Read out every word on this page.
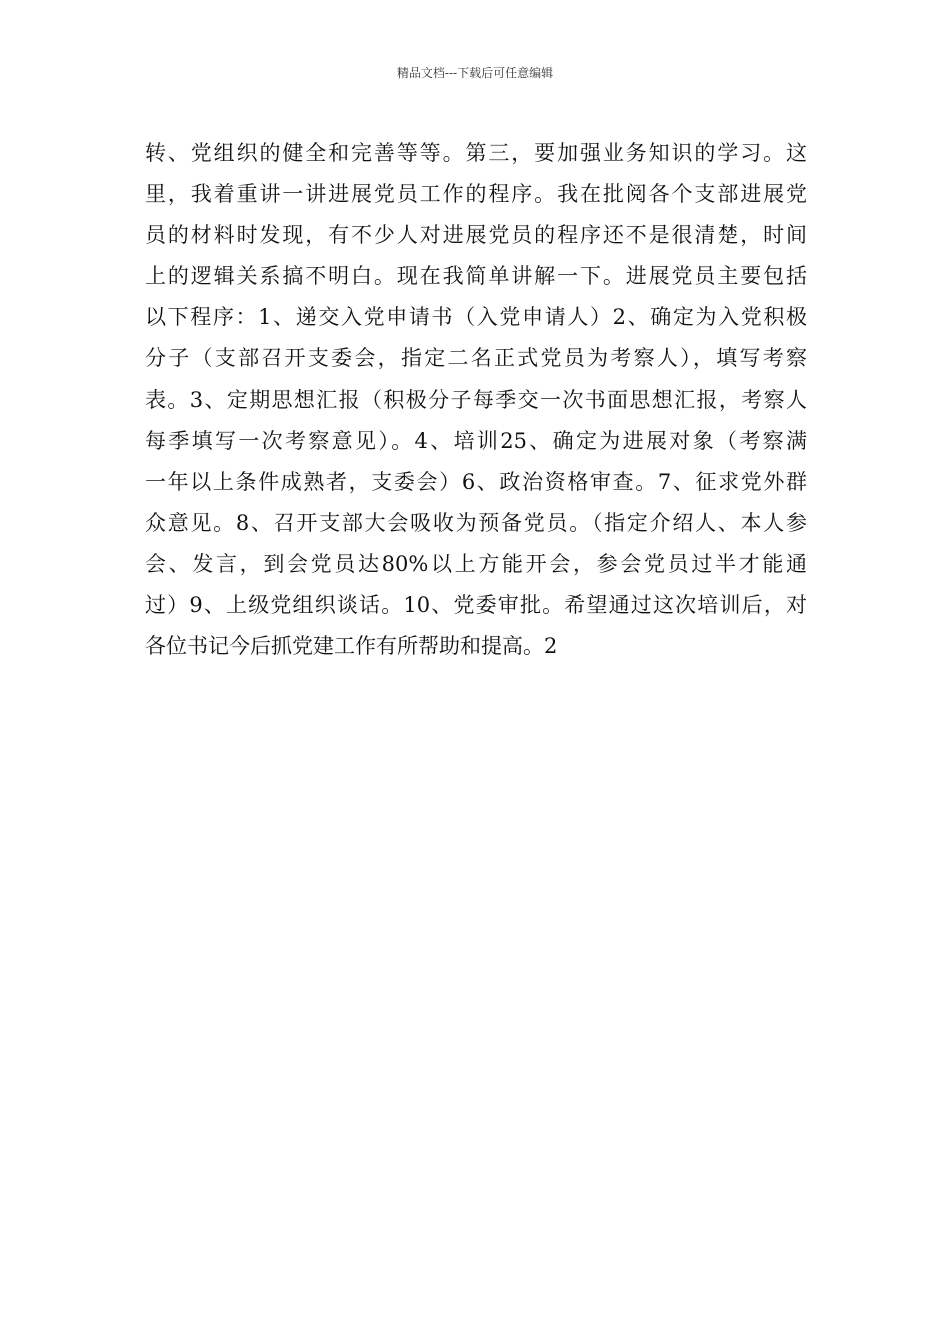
精品文档---下载后可任意编辑
转、党组织的健全和完善等等。第三，要加强业务知识的学习。这
里，我着重讲一讲进展党员工作的程序。我在批阅各个支部进展党
员的材料时发现，有不少人对进展党员的程序还不是很清楚，时间
上的逻辑关系搞不明白。现在我简单讲解一下。进展党员主要包括
以下程序：1、递交入党申请书（入党申请人）2、确定为入党积极
分子（支部召开支委会，指定二名正式党员为考察人），填写考察
表。3、定期思想汇报（积极分子每季交一次书面思想汇报，考察人
每季填写一次考察意见）。4、培训25、确定为进展对象（考察满
一年以上条件成熟者，支委会）6、政治资格审查。7、征求党外群
众意见。8、召开支部大会吸收为预备党员。（指定介绍人、本人参
会、发言，到会党员达80%以上方能开会，参会党员过半才能通
过）9、上级党组织谈话。10、党委审批。希望通过这次培训后，对
各位书记今后抓党建工作有所帮助和提高。2
